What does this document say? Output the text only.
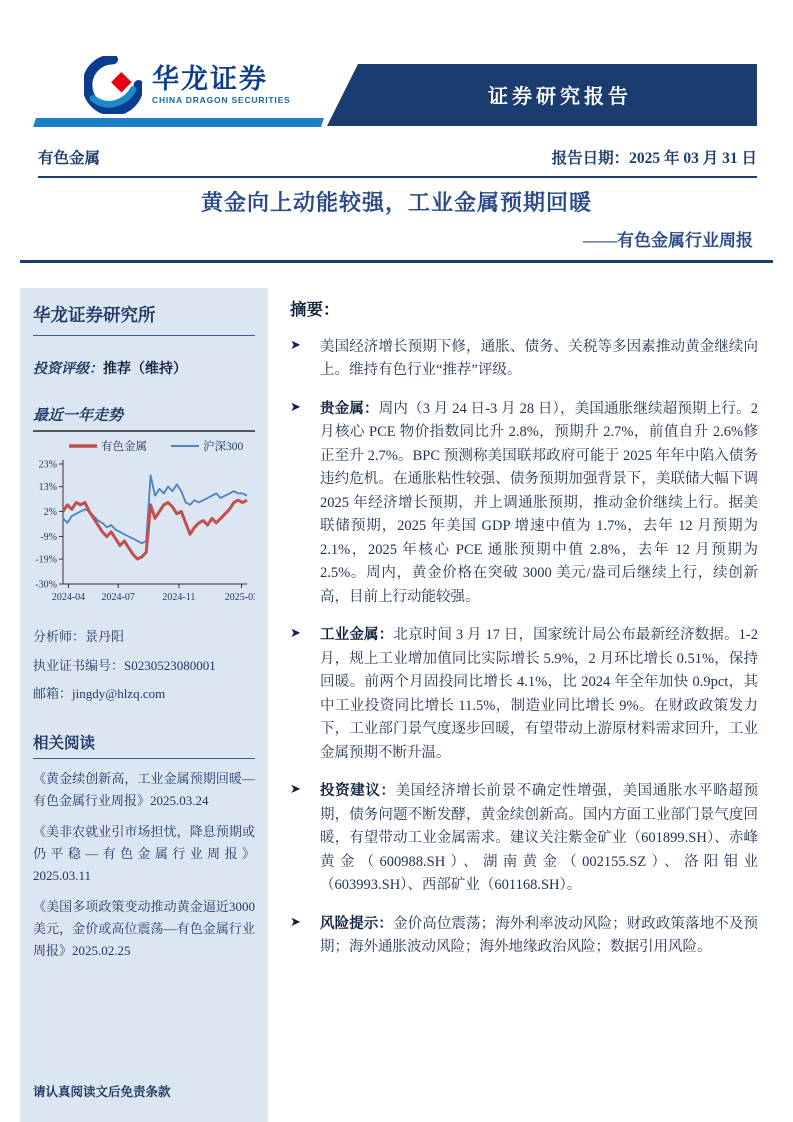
华龙证券
CHINA DRAGON SECURITIES	证券研究报告
有色金属	报告日期：2025 年 03 月 31 日
黄金向上动能较强，工业金属预期回暖
——有色金属行业周报
华龙证券研究所
投资评级：推荐（维持）
最近一年走势
有色金属	沪深300
23%
13%
2%
-9%
-19%
-30%
2024-04 2024-07	2024-11	2025-03
分析师：景丹阳
执业证书编号：S0230523080001
邮箱：jingdy@hlzq.com
相关阅读
《黄金续创新高，工业金属预期回暖—有色金属行业周报》2025.03.24
《美非农就业引市场担忧，降息预期或仍平稳—有色金属行业周报》2025.03.11
《美国多项政策变动推动黄金逼近3000 美元，金价或高位震荡—有色金属行业周报》2025.02.25
请认真阅读文后免责条款
摘要：
➤	美国经济增长预期下修，通胀、债务、关税等多因素推动黄金继续向上。维持有色行业“推荐”评级。
➤	贵金属：周内（3 月 24 日-3 月 28 日），美国通胀继续超预期上行。2 月核心 PCE 物价指数同比升 2.8%，预期升 2.7%，前值自升 2.6%修正至升 2.7%。BPC 预测称美国联邦政府可能于 2025 年年中陷入债务违约危机。在通胀粘性较强、债务预期加强背景下，美联储大幅下调 2025 年经济增长预期，并上调通胀预期，推动金价继续上行。据美联储预期，2025 年美国 GDP 增速中值为 1.7%，去年 12 月预期为 2.1%，2025 年核心 PCE 通胀预期中值 2.8%，去年 12 月预期为 2.5%。周内，黄金价格在突破 3000 美元/盎司后继续上行，续创新高，目前上行动能较强。
➤	工业金属：北京时间 3 月 17 日，国家统计局公布最新经济数据。1-2 月，规上工业增加值同比实际增长 5.9%，2 月环比增长 0.51%，保持回暖。前两个月固投同比增长 4.1%，比 2024 年全年加快 0.9pct，其中工业投资同比增长 11.5%，制造业同比增长 9%。在财政政策发力下，工业部门景气度逐步回暖，有望带动上游原材料需求回升，工业金属预期不断升温。
➤	投资建议：美国经济增长前景不确定性增强，美国通胀水平略超预期，债务问题不断发酵，黄金续创新高。国内方面工业部门景气度回暖，有望带动工业金属需求。建议关注紫金矿业（601899.SH）、赤峰黄金（600988.SH）、湖南黄金（002155.SZ）、洛阳钼业（603993.SH）、西部矿业（601168.SH）。
➤	风险提示：金价高位震荡；海外利率波动风险；财政政策落地不及预期；海外通胀波动风险；海外地缘政治风险；数据引用风险。
